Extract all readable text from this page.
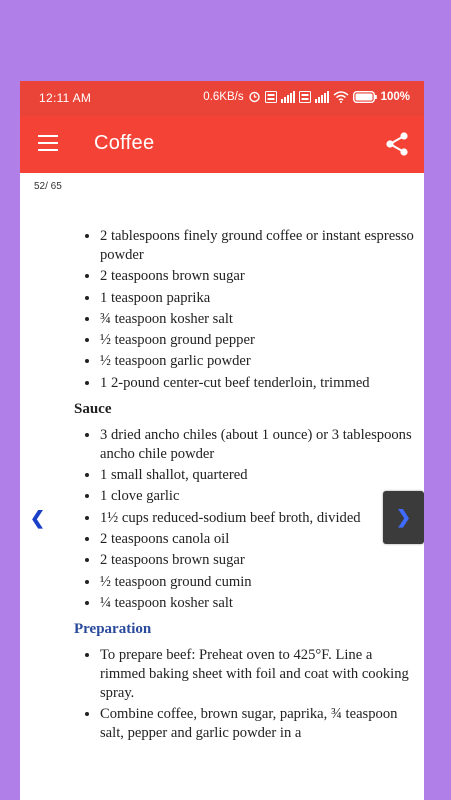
12:11 AM	0.6KB/s	100%
Coffee
52/ 65
• 2 tablespoons finely ground coffee or instant espresso powder
• 2 teaspoons brown sugar
• 1 teaspoon paprika
• ¾ teaspoon kosher salt
• ½ teaspoon ground pepper
• ½ teaspoon garlic powder
• 1 2-pound center-cut beef tenderloin, trimmed
Sauce
• 3 dried ancho chiles (about 1 ounce) or 3 tablespoons ancho chile powder
• 1 small shallot, quartered
• 1 clove garlic
• 1½ cups reduced-sodium beef broth, divided
• 2 teaspoons canola oil
• 2 teaspoons brown sugar
• ½ teaspoon ground cumin
• ¼ teaspoon kosher salt
Preparation
• To prepare beef: Preheat oven to 425°F. Line a rimmed baking sheet with foil and coat with cooking spray.
• Combine coffee, brown sugar, paprika, ¾ teaspoon salt, pepper and garlic powder in a
❮	❯
